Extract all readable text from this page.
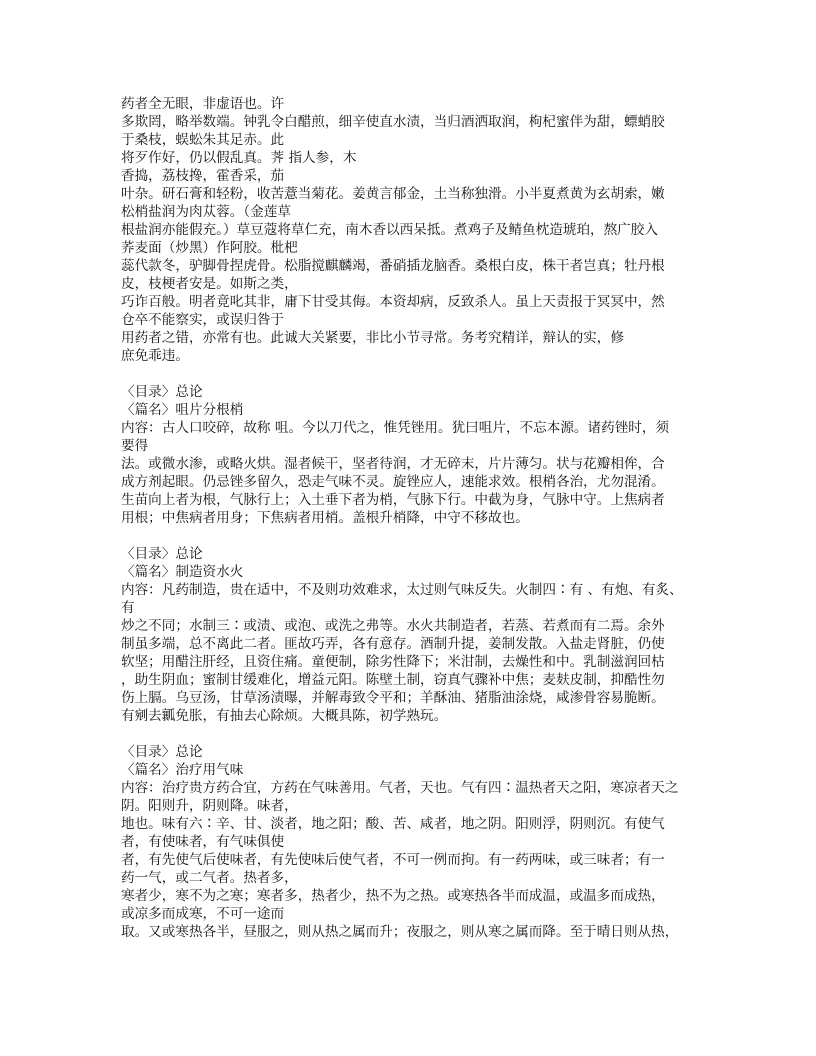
药者全无眼，非虚语也。许
多欺罔，略举数端。钟乳令白醋煎，细辛使直水渍，当归酒洒取润，枸杞蜜伴为甜，螵蛸胶
于桑枝，蜈蚣朱其足赤。此
将歹作好，仍以假乱真。荠 指人参，木
香捣，荔枝搀，霍香采，茄
叶杂。研石膏和轻粉，收苦薏当菊花。姜黄言郁金，土当称独滑。小半夏煮黄为玄胡索，嫩
松梢盐润为肉苁蓉。（金莲草
根盐润亦能假充。）草豆蔻将草仁充，南木香以西呆抵。煮鸡子及鲭鱼枕造琥珀，熬广胶入
荞麦面（炒黑）作阿胶。枇杷
蕊代款冬，驴脚骨捏虎骨。松脂搅麒麟竭，番硝插龙脑香。桑根白皮，株干者岂真；牡丹根
皮，枝梗者安是。如斯之类，
巧诈百般。明者竟叱其非，庸下甘受其侮。本资却病，反致杀人。虽上天责报于冥冥中，然
仓卒不能察实，或误归咎于
用药者之错，亦常有也。此诚大关紧要，非比小节寻常。务考究精详，辩认的实，修
庶免乖违。
〈目录〉总论
〈篇名〉咀片分根梢
内容：古人口咬碎，故称 咀。今以刀代之，惟凭锉用。犹曰咀片，不忘本源。诸药锉时，须
要得
法。或微水渗，或略火烘。湿者候干，坚者待润，才无碎末，片片薄匀。状与花瓣相侔，合
成方剂起眼。仍忌锉多留久，恐走气味不灵。旋锉应人，速能求效。根梢各治，尤勿混淆。
生苗向上者为根，气脉行上；入土垂下者为梢，气脉下行。中截为身，气脉中守。上焦病者
用根；中焦病者用身；下焦病者用梢。盖根升梢降，中守不移故也。
〈目录〉总论
〈篇名〉制造资水火
内容：凡药制造，贵在适中，不及则功效难求，太过则气味反失。火制四∶有 、有炮、有炙、
有
炒之不同；水制三∶或渍、或泡、或洗之弗等。水火共制造者，若蒸、若煮而有二焉。余外
制虽多端，总不离此二者。匪故巧弄，各有意存。酒制升提，姜制发散。入盐走肾脏，仍使
软坚；用醋注肝经，且资住痛。童便制，除劣性降下；米泔制，去燥性和中。乳制滋润回枯
，助生阴血；蜜制甘缓难化，增益元阳。陈壁土制，窃真气骤补中焦；麦麸皮制，抑酷性勿
伤上膈。乌豆汤，甘草汤渍曝，并解毒致令平和；羊酥油、猪脂油涂烧，咸渗骨容易脆断。
有剜去瓤免胀，有抽去心除烦。大概具陈，初学熟玩。
〈目录〉总论
〈篇名〉治疗用气味
内容：治疗贵方药合宜，方药在气味善用。气者，天也。气有四∶温热者天之阳，寒凉者天之
阴。阳则升，阴则降。味者，
地也。味有六∶辛、甘、淡者，地之阳；酸、苦、咸者，地之阴。阳则浮，阴则沉。有使气
者，有使味者，有气味俱使
者，有先使气后使味者，有先使味后使气者，不可一例而拘。有一药两味，或三味者；有一
药一气，或二气者。热者多，
寒者少，寒不为之寒；寒者多，热者少，热不为之热。或寒热各半而成温，或温多而成热，
或凉多而成寒，不可一途而
取。又或寒热各半，昼服之，则从热之属而升；夜服之，则从寒之属而降。至于晴日则从热，
